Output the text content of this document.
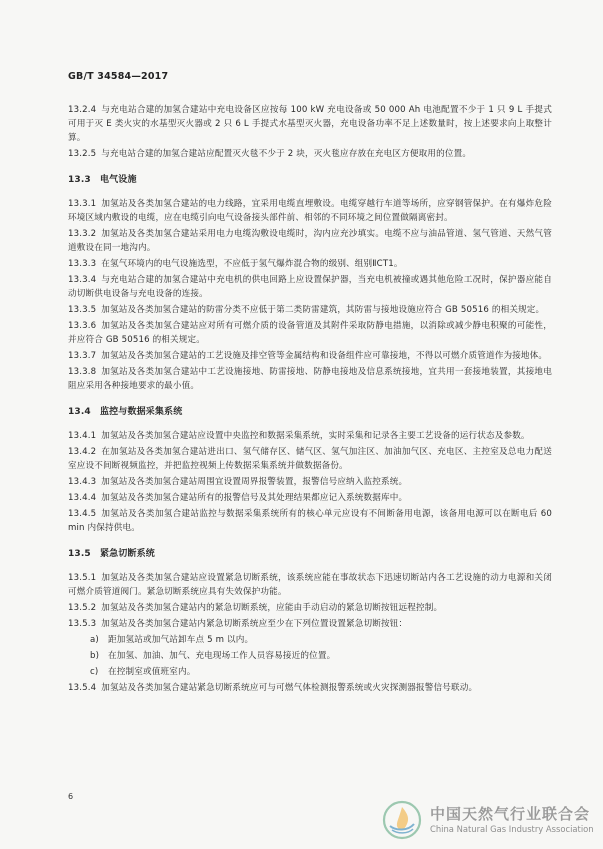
GB/T 34584—2017

13.2.4 与充电站合建的加氢合建站中充电设备区应按每 100 kW 充电设备或 50 000 Ah 电池配置不少于 1 只 9 L 手提式可用于灭 E 类火灾的水基型灭火器或 2 只 6 L 手提式水基型灭火器，充电设备功率不足上述数量时，按上述要求向上取整计算。

13.2.5 与充电站合建的加氢合建站应配置灭火毯不少于 2 块，灭火毯应存放在充电区方便取用的位置。

13.3 电气设施

13.3.1 加氢站及各类加氢合建站的电力线路，宜采用电缆直埋敷设。电缆穿越行车道等场所，应穿钢管保护。在有爆炸危险环境区域内敷设的电缆，应在电缆引向电气设备接头部件前、相邻的不同环境之间位置做隔离密封。

13.3.2 加氢站及各类加氢合建站采用电力电缆沟敷设电缆时，沟内应充沙填实。电缆不应与油品管道、氢气管道、天然气管道敷设在同一地沟内。

13.3.3 在氢气环境内的电气设施选型，不应低于氢气爆炸混合物的级别、组别ⅡCT1。

13.3.4 与充电站合建的加氢合建站中充电机的供电回路上应设置保护器，当充电机被撞或遇其他危险工况时，保护器应能自动切断供电设备与充电设备的连接。

13.3.5 加氢站及各类加氢合建站的防雷分类不应低于第二类防雷建筑，其防雷与接地设施应符合 GB 50516 的相关规定。

13.3.6 加氢站及各类加氢合建站应对所有可燃介质的设备管道及其附件采取防静电措施，以消除或减少静电积聚的可能性，并应符合 GB 50516 的相关规定。

13.3.7 加氢站及各类加氢合建站的工艺设施及排空管等金属结构和设备组件应可靠接地，不得以可燃介质管道作为接地体。

13.3.8 加氢站及各类加氢合建站中工艺设施接地、防雷接地、防静电接地及信息系统接地，宜共用一套接地装置，其接地电阻应采用各种接地要求的最小值。

13.4 监控与数据采集系统

13.4.1 加氢站及各类加氢合建站应设置中央监控和数据采集系统，实时采集和记录各主要工艺设备的运行状态及参数。

13.4.2 在加氢站及各类加氢合建站进出口、氢气储存区、储气区、氢气加注区、加油加气区、充电区、主控室及总电力配送室应设不间断视频监控，并把监控视频上传数据采集系统并做数据备份。

13.4.3 加氢站及各类加氢合建站周围宜设置周界报警装置，报警信号应纳入监控系统。

13.4.4 加氢站及各类加氢合建站所有的报警信号及其处理结果都应记入系统数据库中。

13.4.5 加氢站及各类加氢合建站监控与数据采集系统所有的核心单元应设有不间断备用电源，该备用电源可以在断电后 60 min 内保持供电。

13.5 紧急切断系统

13.5.1 加氢站及各类加氢合建站应设置紧急切断系统，该系统应能在事故状态下迅速切断站内各工艺设施的动力电源和关闭可燃介质管道阀门。紧急切断系统应具有失效保护功能。

13.5.2 加氢站及各类加氢合建站内的紧急切断系统，应能由手动启动的紧急切断按钮远程控制。

13.5.3 加氢站及各类加氢合建站内紧急切断系统应至少在下列位置设置紧急切断按钮：

a) 距加氢站或加气站卸车点 5 m 以内。

b) 在加氢、加油、加气、充电现场工作人员容易接近的位置。

c) 在控制室或值班室内。

13.5.4 加氢站及各类加氢合建站紧急切断系统应可与可燃气体检测报警系统或火灾探测器报警信号联动。

6
中国天然气行业联合会
China Natural Gas Industry Association
